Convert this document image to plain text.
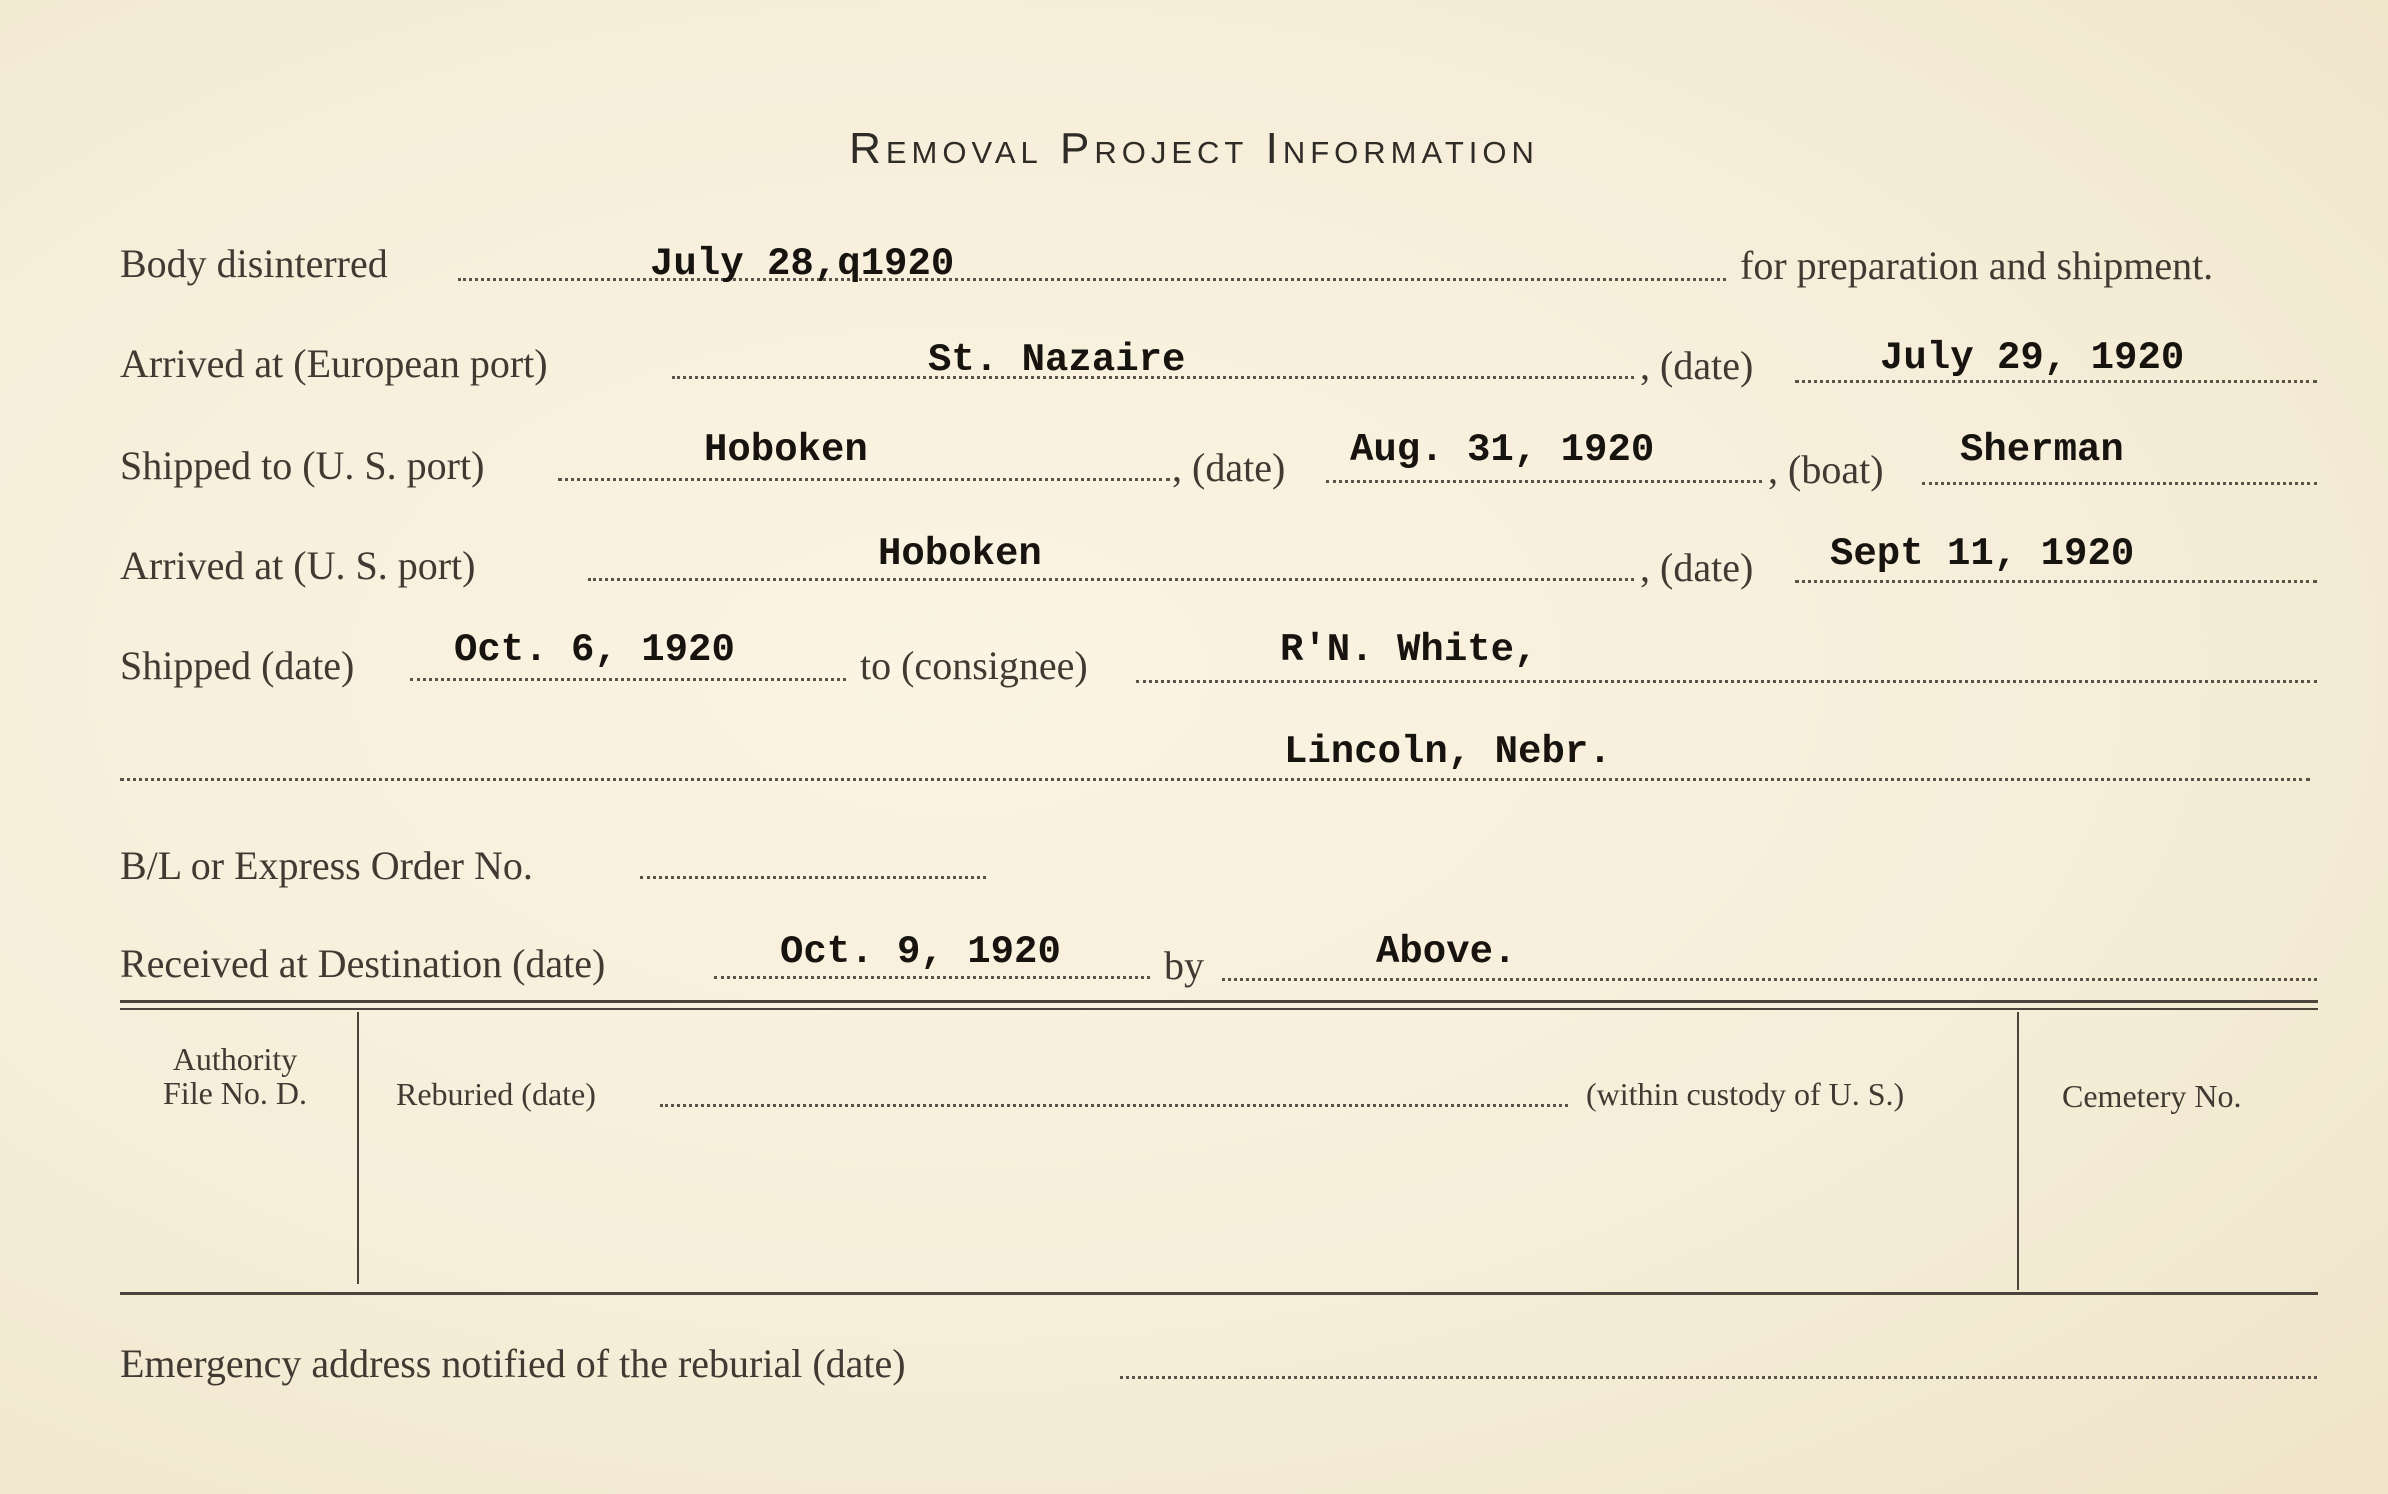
Removal Project Information
Body disinterred	July 28,q1920	for preparation and shipment.
Arrived at (European port)	St. Nazaire	, (date)	July 29, 1920
Shipped to (U. S. port)	Hoboken	, (date) Aug. 31, 1920	, (boat) Sherman
Arrived at (U. S. port)	Hoboken	, (date) Sept 11, 1920
Shipped (date)	Oct. 6, 1920	to (consignee)	R'N. White,
Lincoln, Nebr.
B/L or Express Order No.
Received at Destination (date)	Oct. 9, 1920	by	Above.
Authority
File No. D.	Reburied (date)	(within custody of U. S.)	Cemetery No.
Emergency address notified of the reburial (date)
